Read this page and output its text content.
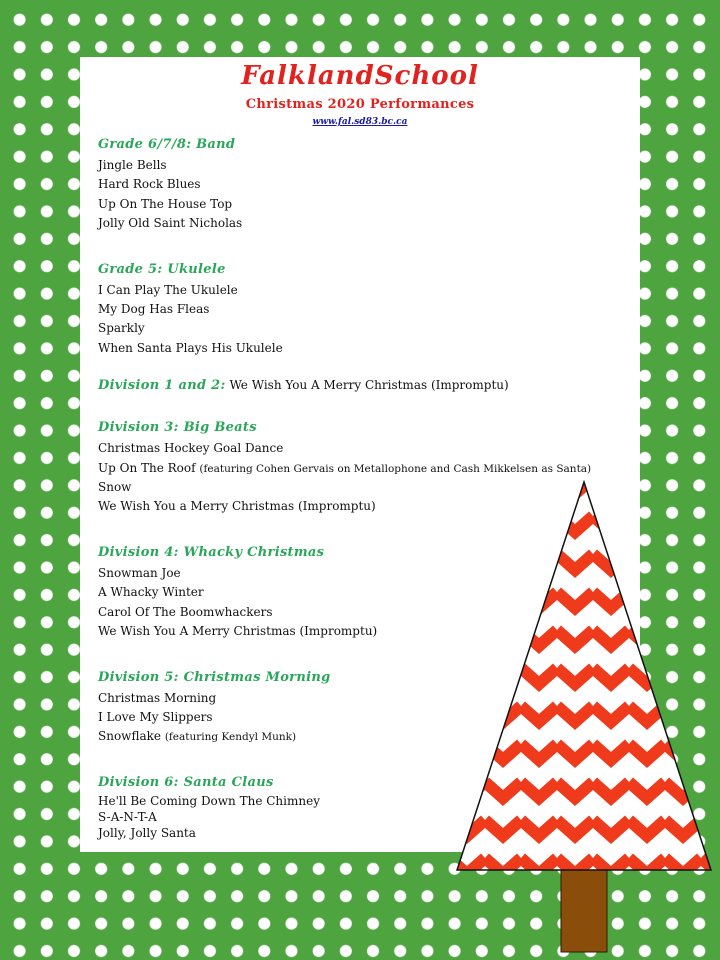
FalklandSchool
Christmas 2020 Performances
www.fal.sd83.bc.ca
Grade 6/7/8: Band
Jingle Bells
Hard Rock Blues
Up On The House Top
Jolly Old Saint Nicholas
Grade 5: Ukulele
I Can Play The Ukulele
My Dog Has Fleas
Sparkly
When Santa Plays His Ukulele
Division 1 and 2: We Wish You A Merry Christmas (Impromptu)
Division 3: Big Beats
Christmas Hockey Goal Dance
Up On The Roof (featuring Cohen Gervais on Metallophone and Cash Mikkelsen as Santa)
Snow
We Wish You a Merry Christmas (Impromptu)
Division 4: Whacky Christmas
Snowman Joe
A Whacky Winter
Carol Of The Boomwhackers
We Wish You A Merry Christmas (Impromptu)
Division 5: Christmas Morning
Christmas Morning
I Love My Slippers
Snowflake (featuring Kendyl Munk)
Division 6: Santa Claus
He'll Be Coming Down The Chimney
S-A-N-T-A
Jolly, Jolly Santa
